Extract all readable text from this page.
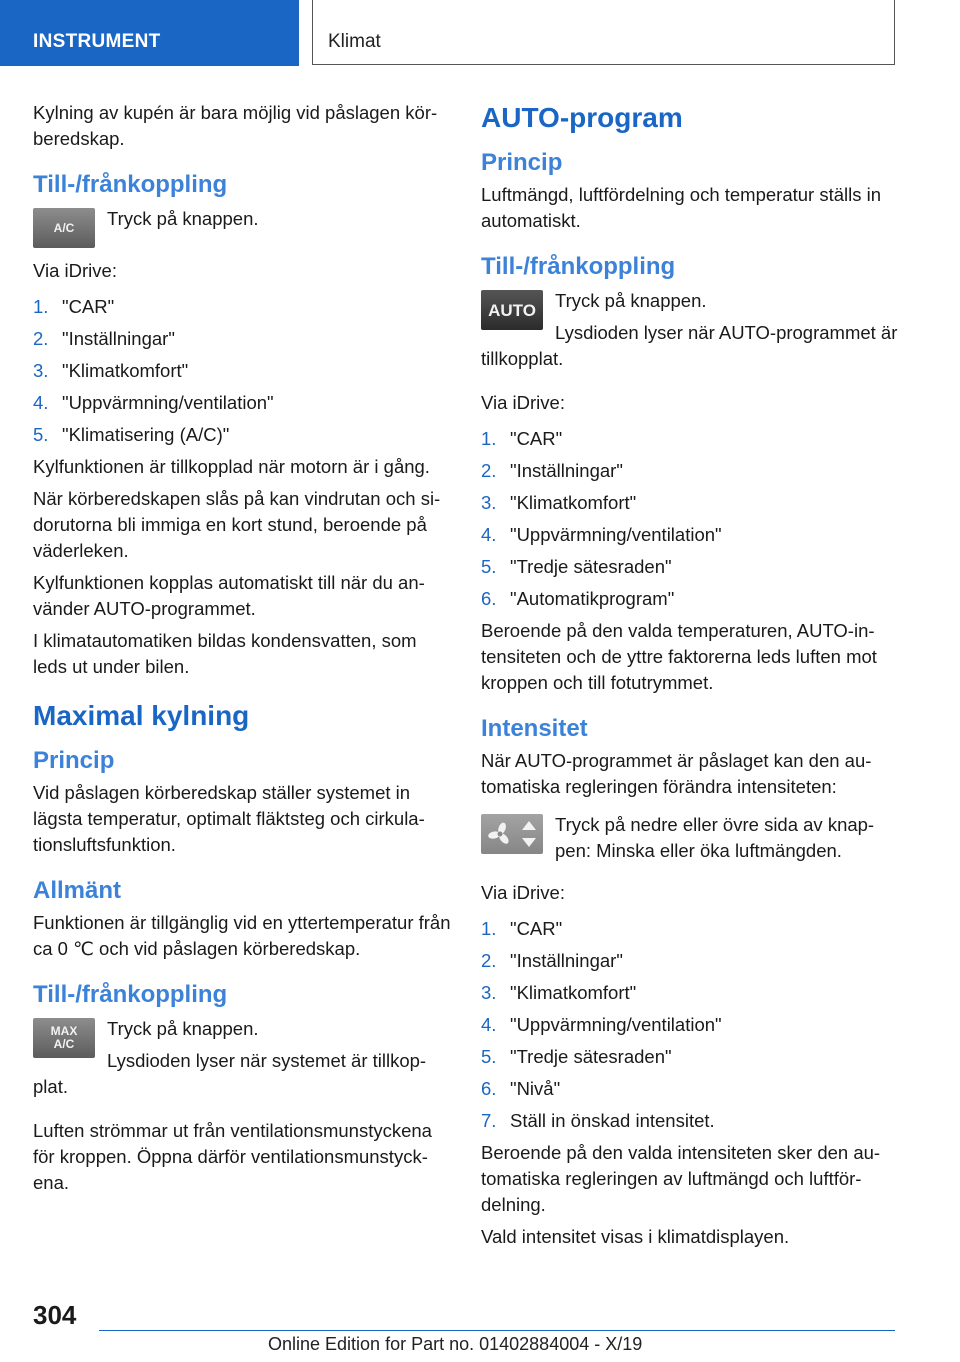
INSTRUMENT	Klimat

Kylning av kupén är bara möjlig vid påslagen kör-beredskap.

Till-/frånkoppling
A/C	Tryck på knappen.

Via iDrive:

1. "CAR"
2. "Inställningar"
3. "Klimatkomfort"
4. "Uppvärmning/ventilation"
5. "Klimatisering (A/C)"

Kylfunktionen är tillkopplad när motorn är i gång.

När körberedskapen slås på kan vindrutan och si-dorutorna bli immiga en kort stund, beroende på väderleken.

Kylfunktionen kopplas automatiskt till när du an-vänder AUTO-programmet.

I klimatautomatiken bildas kondensvatten, som leds ut under bilen.

Maximal kylning
Princip

Vid påslagen körberedskap ställer systemet in lägsta temperatur, optimalt fläktsteg och cirkula-tionsluftsfunktion.

Allmänt

Funktionen är tillgänglig vid en yttertemperatur från ca 0 ℃ och vid påslagen körberedskap.

Till-/frånkoppling
MAX
A/C

Tryck på knappen.

Lysdioden lyser när systemet är tillkop-plat.

Luften strömmar ut från ventilationsmunstyckena för kroppen. Öppna därför ventilationsmunstyck-ena.

AUTO-program
Princip

Luftmängd, luftfördelning och temperatur ställs in automatiskt.

Till-/frånkoppling
AUTO	Tryck på knappen.

Lysdioden lyser när AUTO-programmet är tillkopplat.

Via iDrive:

1. "CAR"
2. "Inställningar"
3. "Klimatkomfort"
4. "Uppvärmning/ventilation"
5. "Tredje sätesraden"
6. "Automatikprogram"

Beroende på den valda temperaturen, AUTO-in-tensiteten och de yttre faktorerna leds luften mot kroppen och till fotutrymmet.

Intensitet

När AUTO-programmet är påslaget kan den au-tomatiska regleringen förändra intensiteten:

Tryck på nedre eller övre sida av knap-pen: Minska eller öka luftmängden.

Via iDrive:

1. "CAR"
2. "Inställningar"
3. "Klimatkomfort"
4. "Uppvärmning/ventilation"
5. "Tredje sätesraden"
6. "Nivå"
7. Ställ in önskad intensitet.

Beroende på den valda intensiteten sker den au-tomatiska regleringen av luftmängd och luftför-delning.

Vald intensitet visas i klimatdisplayen.

304
Online Edition for Part no. 01402884004 - X/19
